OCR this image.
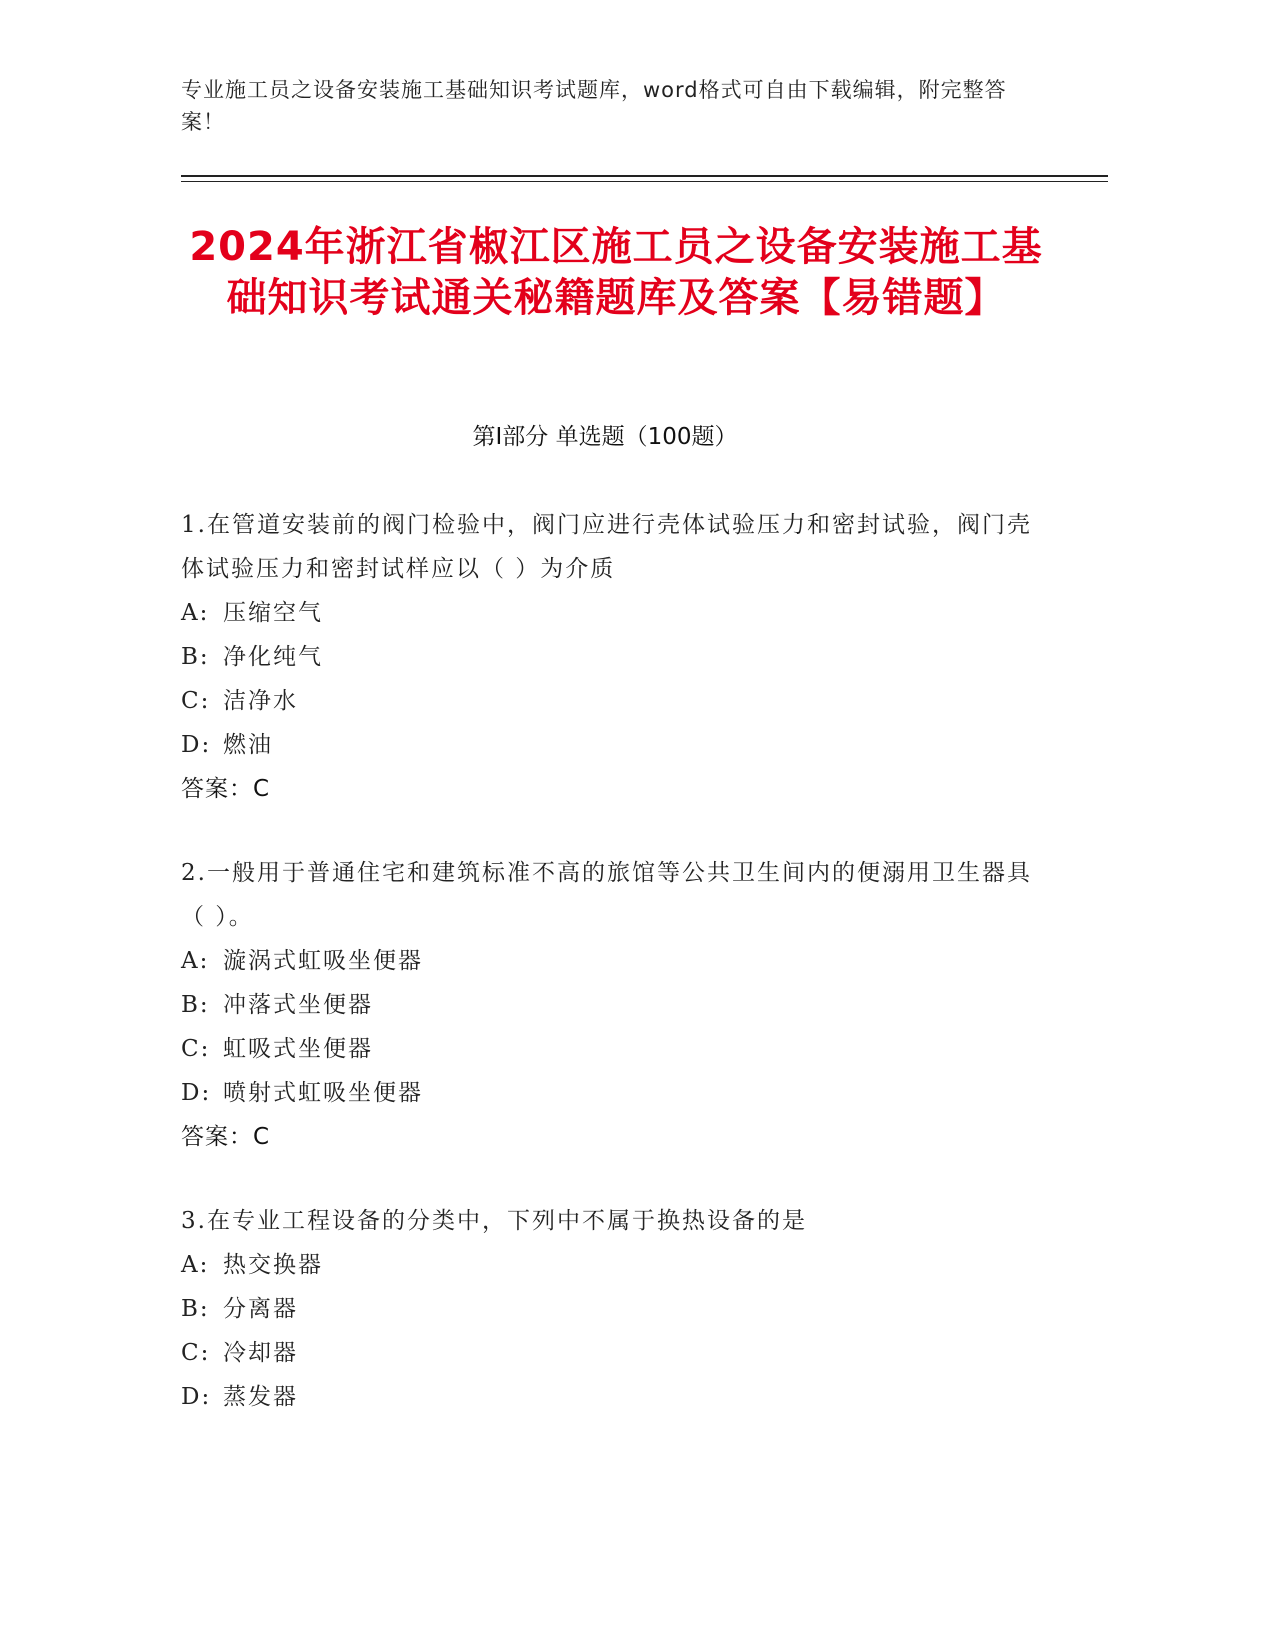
专业施工员之设备安装施工基础知识考试题库，word格式可自由下载编辑，附完整答案！
2024年浙江省椒江区施工员之设备安装施工基础知识考试通关秘籍题库及答案【易错题】
第I部分 单选题（100题）
1.在管道安装前的阀门检验中，阀门应进行壳体试验压力和密封试验，阀门壳体试验压力和密封试样应以（ ）为介质
A: 压缩空气
B: 净化纯气
C: 洁净水
D: 燃油
答案：C
2.一般用于普通住宅和建筑标准不高的旅馆等公共卫生间内的便溺用卫生器具（ ）。
A: 漩涡式虹吸坐便器
B: 冲落式坐便器
C: 虹吸式坐便器
D: 喷射式虹吸坐便器
答案：C
3.在专业工程设备的分类中，下列中不属于换热设备的是
A: 热交换器
B: 分离器
C: 冷却器
D: 蒸发器
